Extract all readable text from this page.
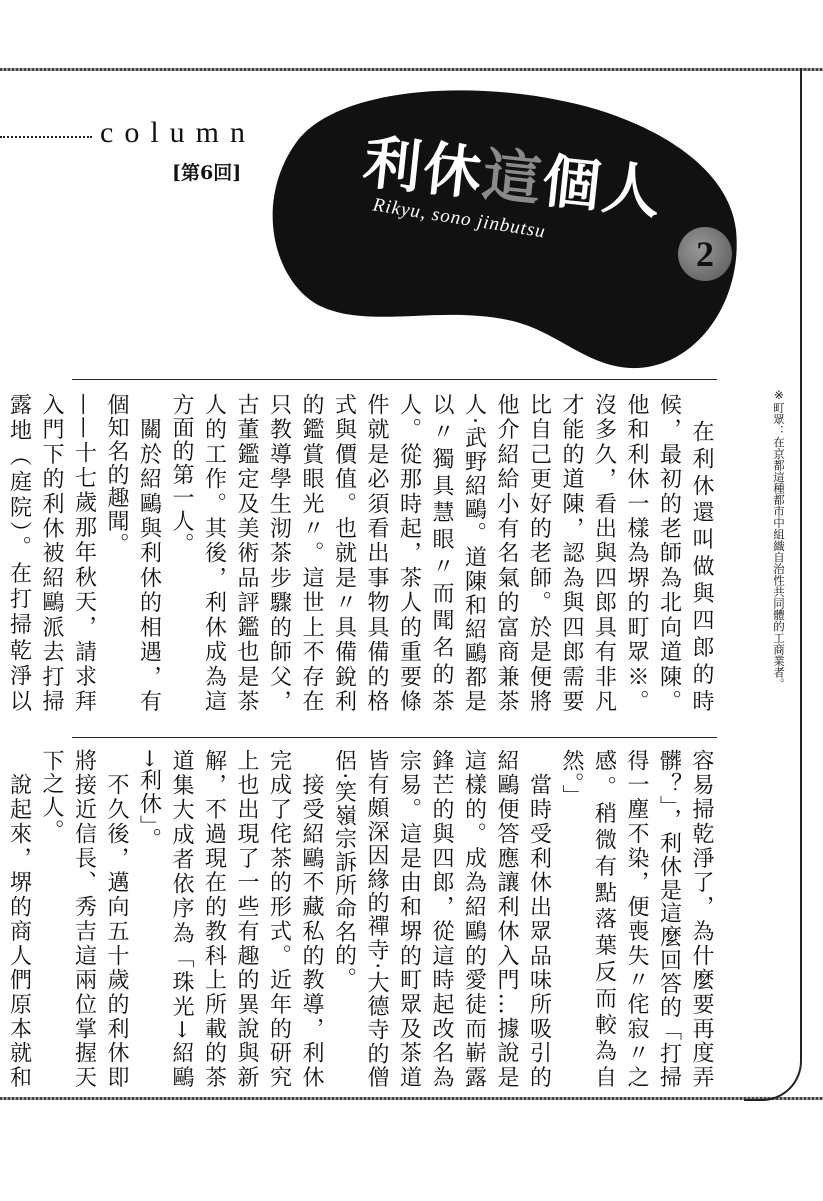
column
[第6回] 利休這個人
Rikyu, sono jinbutsu
2
※町眾：在京都這種都市中組織自治性共同體的工商業者。
　在利休還叫做與四郎的時候，最初的老師為北向道陳。他和利休一樣為堺的町眾※。沒多久，看出與四郎具有非凡才能的道陳，認為與四郎需要比自己更好的老師。於是便將他介紹給小有名氣的富商兼茶人‧武野紹鷗。道陳和紹鷗都是以〃獨具慧眼〃而聞名的茶人。從那時起，茶人的重要條件就是必須看出事物具備的格式與價值。也就是〃具備銳利的鑑賞眼光〃。這世上不存在只教導學生沏茶步驟的師父，古董鑑定及美術品評鑑也是茶人的工作。其後，利休成為這方面的第一人。
　關於紹鷗與利休的相遇，有個知名的趣聞。
——十七歲那年秋天，請求拜入門下的利休被紹鷗派去打掃露地（庭院）。在打掃乾淨以
容易掃乾淨了，為什麼要再度弄髒？」，利休是這麼回答的「打掃得一塵不染，便喪失〃侘寂〃之感。稍微有點落葉反而較為自然。」
　當時受利休出眾品味所吸引的紹鷗便答應讓利休入門…據說是這樣的。成為紹鷗的愛徒而嶄露鋒芒的與四郎，從這時起改名為宗易。這是由和堺的町眾及茶道皆有頗深因緣的禪寺‧大德寺的僧侶‧笑嶺宗訴所命名的。
　接受紹鷗不藏私的教導，利休完成了侘茶的形式。近年的研究上也出現了一些有趣的異說與新解，不過現在的教科上所載的茶道集大成者依序為「珠光→紹鷗→利休」。
　不久後，邁向五十歲的利休即將接近信長、秀吉這兩位掌握天下之人。
　說起來，堺的商人們原本就和
